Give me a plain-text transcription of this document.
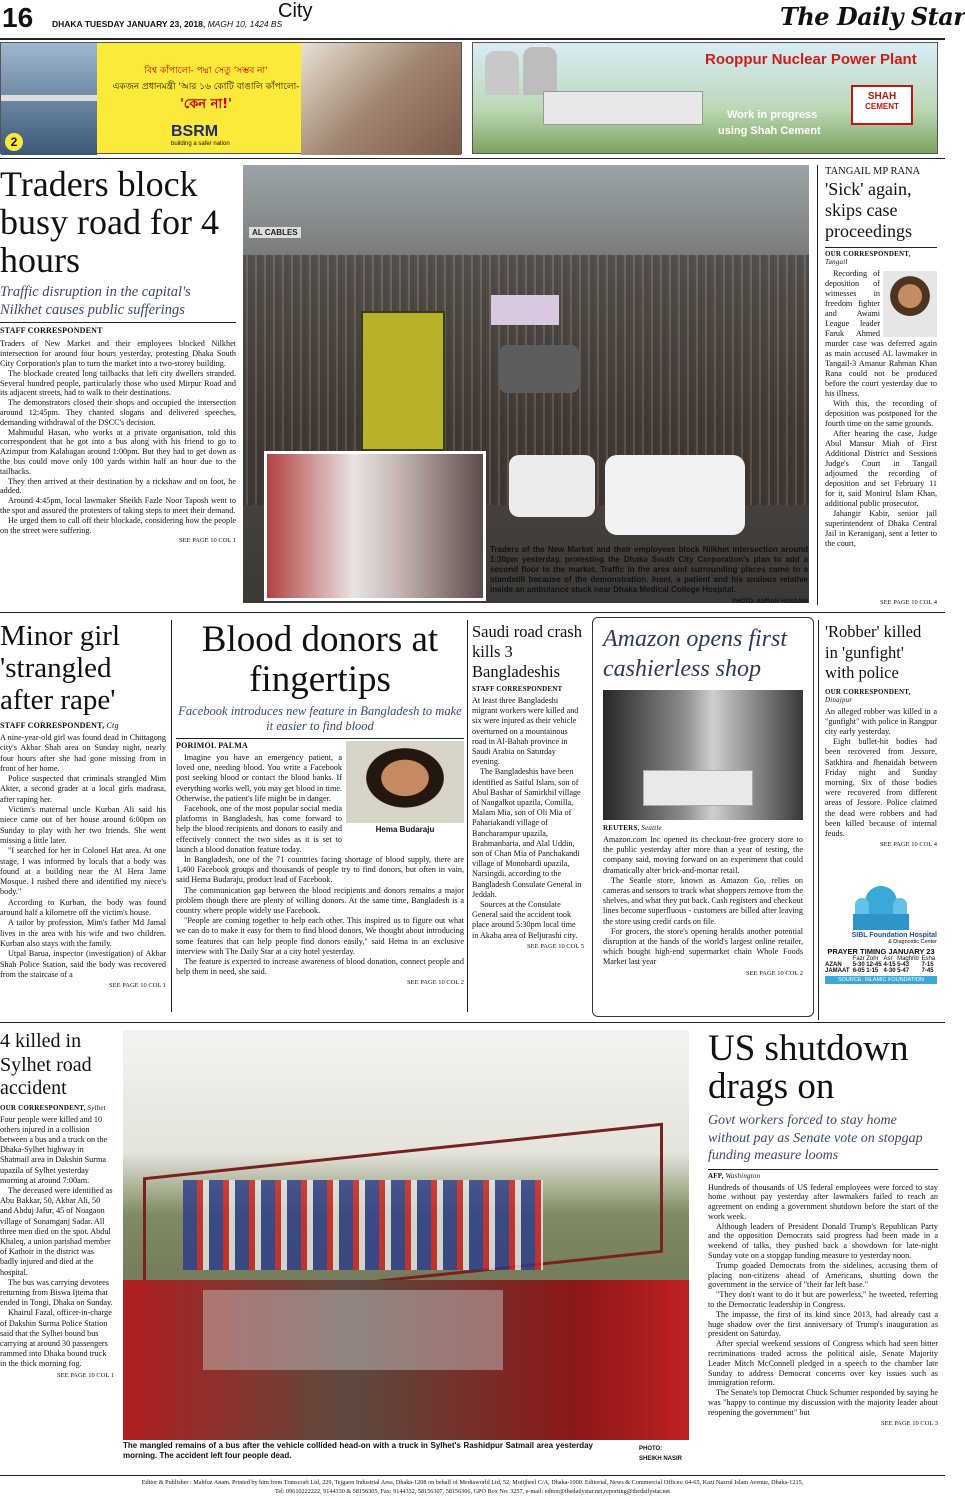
16 DHAKA TUESDAY JANUARY 23, 2018, MAGH 10, 1424 BS
City	The Daily Star
2
বিশ্ব কাঁপালো- পদ্মা সেতু 'সম্ভব না'
একজন প্রধানমন্ত্রী 'আর ১৬ কোটি বাঙালি কাঁপালো-
'কেন না!'
BSRM
building a safer nation
Rooppur Nuclear Power Plant
Work in progress
using Shah Cement
SHAH
CEMENT
Traders block busy road for 4 hours
Traffic disruption in the capital's Nilkhet causes public sufferings
STAFF CORRESPONDENT

Traders of New Market and their employees blocked Nilkhet intersection for around four hours yesterday, protesting Dhaka South City Corporation's plan to turn the market into a two-storey building.

The blockade created long tailbacks that left city dwellers stranded. Several hundred people, particularly those who used Mirpur Road and its adjacent streets, had to walk to their destinations.

The demonstrators closed their shops and occupied the intersection around 12:45pm. They chanted slogans and delivered speeches, demanding withdrawal of the DSCC's decision.

Mahmudul Hasan, who works at a private organisation, told this correspondent that he got into a bus along with his friend to go to Azimpur from Kalabagan around 1:00pm. But they had to get down as the bus could move only 100 yards within half an hour due to the tailbacks.

They then arrived at their destination by a rickshaw and on foot, he added.

Around 4:45pm, local lawmaker Sheikh Fazle Noor Taposh went to the spot and assured the protesters of taking steps to meet their demand.

He urged them to call off their blockade, considering how the people on the street were suffering.

SEE PAGE 10 COL 1
AL CABLES
Traders of the New Market and their employees block Nilkhet intersection around 1:30pm yesterday, protesting the Dhaka South City Corporation's plan to add a second floor to the market. Traffic in the area and surrounding places came to a standstill because of the demonstration. Inset, a patient and his anxious relative inside an ambulance stuck near Dhaka Medical College Hospital.
PHOTO: AMRAN HOSSAIN
TANGAIL MP RANA
'Sick' again, skips case proceedings
OUR CORRESPONDENT,
Tangail

Recording of deposition of witnesses in freedom fighter and Awami League leader Faruk Ahmed murder case was deferred again as main accused AL lawmaker in Tangail-3 Amanur Rahman Khan Rana could not be produced before the court yesterday due to his illness.

With this, the recording of deposition was postponed for the fourth time on the same grounds.

After hearing the case, Judge Abul Mansur Miah of First Additional District and Sessions Judge's Court in Tangail adjourned the recording of deposition and set February 11 for it, said Monirul Islam Khan, additional public prosecutor.

Jahangir Kabir, senior jail superintendent of Dhaka Central Jail in Keraniganj, sent a letter to the court,

SEE PAGE 10 COL 4
Minor girl 'strangled after rape'
STAFF CORRESPONDENT, Ctg

A nine-year-old girl was found dead in Chittagong city's Akbar Shah area on Sunday night, nearly four hours after she had gone missing from in front of her home.

Police suspected that criminals strangled Mim Akter, a second grader at a local girls madrasa, after raping her.

Victim's maternal uncle Kurban Ali said his niece came out of her house around 6:00pm on Sunday to play with her two friends. She went missing a little later.

"I searched for her in Colonel Hat area. At one stage, I was informed by locals that a body was found at a building near the Al Hera Jame Mosque. I rushed there and identified my niece's body."

According to Kurban, the body was found around half a kilometre off the victim's house.

A tailor by profession, Mim's father Md Jamal lives in the area with his wife and two children. Kurban also stays with the family.

Utpal Barua, inspector (investigation) of Akbar Shah Police Station, said the body was recovered from the staircase of a

SEE PAGE 10 COL 1
Blood donors at fingertips
Facebook introduces new feature in Bangladesh to make it easier to find blood
PORIMOL PALMA
Hema Budaraju

Imagine you have an emergency patient, a loved one, needing blood. You write a Facebook post seeking blood or contact the blood banks. If everything works well, you may get blood in time. Otherwise, the patient's life might be in danger.

Facebook, one of the most popular social media platforms in Bangladesh, has come forward to help the blood recipients and donors to easily and effectively connect the two sides as it is set to launch a blood donation feature today.

In Bangladesh, one of the 71 countries facing shortage of blood supply, there are 1,400 Facebook groups and thousands of people try to find donors, but often in vain, said Hema Budaraju, product lead of Facebook.

The communication gap between the blood recipients and donors remains a major problem though there are plenty of willing donors. At the same time, Bangladesh is a country where people widely use Facebook.

"People are coming together to help each other. This inspired us to figure out what we can do to make it easy for them to find blood donors. We thought about introducing some features that can help people find donors easily," said Hema in an exclusive interview with The Daily Star at a city hotel yesterday.

The feature is expected to increase awareness of blood donation, connect people and help them in need, she said.

SEE PAGE 10 COL 2
Saudi road crash kills 3 Bangladeshis
STAFF CORRESPONDENT

At least three Bangladeshi migrant workers were killed and six were injured as their vehicle overturned on a mountainous road in Al-Bahah province in Saudi Arabia on Saturday evening.

The Bangladeshis have been identified as Saiful Islam, son of Abul Bashar of Samirkhil village of Nangalkot upazila, Comilla, Malam Mia, son of Oli Mia of Pahariakandi village of Bancharampur upazila, Brahmanbaria, and Alal Uddin, son of Chan Mia of Panchakandi village of Monohardi upazila, Narsingdi, according to the Bangladesh Consulate General in Jeddah.

Sources at the Consulate General said the accident took place around 5:30pm local time in Akaba area of Beljurashi city.

SEE PAGE 10 COL 5
Amazon opens first cashierless shop
REUTERS, Seattle

Amazon.com Inc opened its checkout-free grocery store to the public yesterday after more than a year of testing, the company said, moving forward on an experiment that could dramatically alter brick-and-mortar retail.

The Seattle store, known as Amazon Go, relies on cameras and sensors to track what shoppers remove from the shelves, and what they put back. Cash registers and checkout lines become superfluous - customers are billed after leaving the store using credit cards on file.

For grocers, the store's opening heralds another potential disruption at the hands of the world's largest online retailer, which bought high-end supermarket chain Whole Foods Market last year

SEE PAGE 10 COL 2
'Robber' killed in 'gunfight' with police
OUR CORRESPONDENT,
Dinajpur

An alleged robber was killed in a "gunfight" with police in Rangpur city early yesterday.

Eight bullet-hit bodies had been recovered from Jessore, Satkhira and Jhenaidah between Friday night and Sunday morning. Six of those bodies were recovered from different areas of Jessore. Police claimed the dead were robbers and had been killed because of internal feuds.

SEE PAGE 10 COL 4
SIBL Foundation Hospital
& Diagnostic Center
PRAYER TIMING JANUARY 23
	Fazr	Zohr	Asr	Maghrib	Esha
AZAN	5-30	12-45	4-15	5-43	7-15
JAMAAT	6-05	1-15	4-30	5-47	7-45
SOURCE: ISLAMIC FOUNDATION
4 killed in Sylhet road accident
OUR CORRESPONDENT, Sylhet

Four people were killed and 10 others injured in a collision between a bus and a truck on the Dhaka-Sylhet highway in Shatmail area in Dakshin Surma upazila of Sylhet yesterday morning at around 7:00am.

The deceased were identified as Abu Bakkar, 50, Akbar Ali, 50 and Abduj Jafur, 45 of Noagaon village of Sunamganj Sadar. All three men died on the spot. Abdul Khaleq, a union parishad member of Kathoir in the district was badly injured and died at the hospital.

The bus was carrying devotees returning from Biswa Ijtema that ended in Tongi, Dhaka on Sunday.

Khairul Fazal, officer-in-charge of Dakshin Surma Police Station said that the Sylhet bound bus carrying at around 30 passengers rammed into Dhaka bound truck in the thick morning fog.

SEE PAGE 10 COL 1
The mangled remains of a bus after the vehicle collided head-on with a truck in Sylhet's Rashidpur Satmail area yesterday morning. The accident left four people dead.
PHOTO:
SHEIKH NASIR
US shutdown drags on
Govt workers forced to stay home without pay as Senate vote on stopgap funding measure looms
AFP, Washington

Hundreds of thousands of US federal employees were forced to stay home without pay yesterday after lawmakers failed to reach an agreement on ending a government shutdown before the start of the work week.

Although leaders of President Donald Trump's Republican Party and the opposition Democrats said progress had been made in a weekend of talks, they pushed back a showdown for late-night Sunday vote on a stopgap funding measure to yesterday noon.

Trump goaded Democrats from the sidelines, accusing them of placing non-citizens ahead of Americans, shutting down the government in the service of "their far left base."

"They don't want to do it but are powerless," he tweeted, referring to the Democratic leadership in Congress.

The impasse, the first of its kind since 2013, had already cast a huge shadow over the first anniversary of Trump's inauguration as president on Saturday.

After special weekend sessions of Congress which had seen bitter recriminations traded across the political aisle, Senate Majority Leader Mitch McConnell pledged in a speech to the chamber late Sunday to address Democrat concerns over key issues such as immigration reform.

The Senate's top Democrat Chuck Schumer responded by saying he was "happy to continue my discussion with the majority leader about reopening the government" but

SEE PAGE 10 COL 3
Editor & Publisher : Mahfuz Anam. Printed by him from Transcraft Ltd, 229, Tejgaon Industrial Area, Dhaka-1208 on behalf of Mediaworld Ltd, 52, Motijheel C/A, Dhaka-1000. Editorial, News & Commercial Offices: 64-65, Kazi Nazrul Islam Avenue, Dhaka-1215,
Tel: 09610222222, 9144330 & 58156305, Fax: 9144332, 58156307, 58156306, GPO Box No: 3257, e-mail: editor@thedailystar.net,reporting@thedailystar.net
